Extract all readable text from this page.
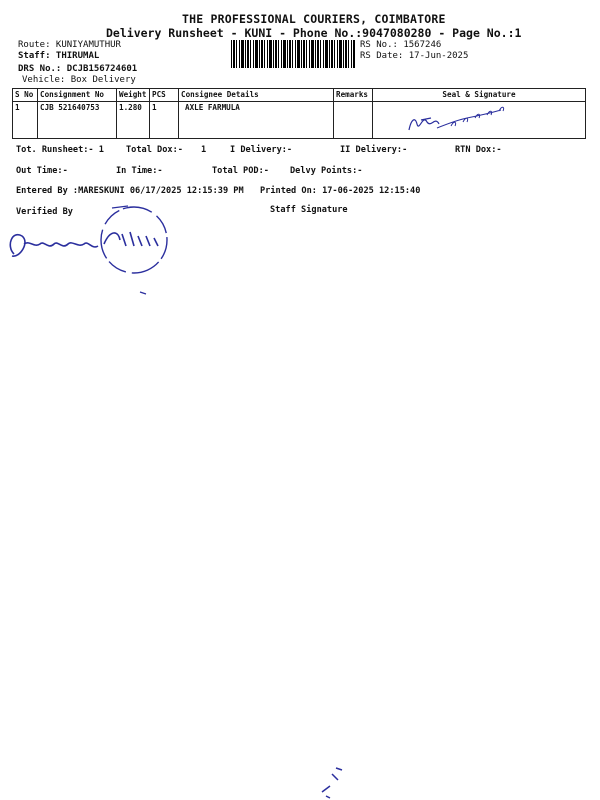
THE PROFESSIONAL COURIERS, COIMBATORE
Delivery Runsheet - KUNI - Phone No.:9047080280 - Page No.:1
Route: KUNIYAMUTHUR
Staff: THIRUMAL
DRS No.: DCJB156724601
Vehicle: Box Delivery
RS No.: 1567246
RS Date: 17-Jun-2025
S No	Consignment No	Weight	PCS	Consignee Details	Remarks	Seal & Signature
1	CJB 521640753	1.280	1	AXLE FARMULA		
Tot. Runsheet:- 1	Total Dox:- 1	I Delivery:-	II Delivery:-	RTN Dox:-
Out Time:-	In Time:-	Total POD:- Delvy Points:-
Entered By :MARESKUNI 06/17/2025 12:15:39 PM Printed On: 17-06-2025 12:15:40
Verified By	Staff Signature
